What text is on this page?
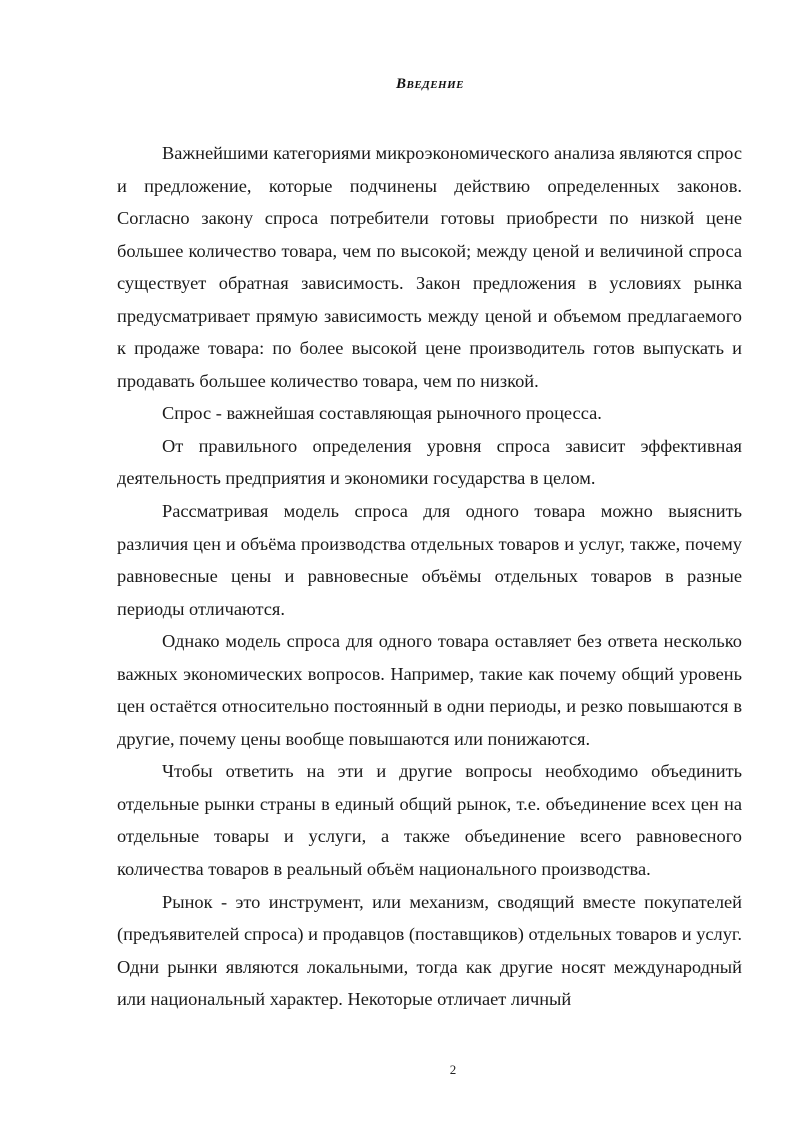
Введение

Важнейшими категориями микроэкономического анализа являются спрос и предложение, которые подчинены действию определенных законов. Согласно закону спроса потребители готовы приобрести по низкой цене большее количество товара, чем по высокой; между ценой и величиной спроса существует обратная зависимость. Закон предложения в условиях рынка предусматривает прямую зависимость между ценой и объемом предлагаемого к продаже товара: по более высокой цене производитель готов выпускать и продавать большее количество товара, чем по низкой.

Спрос - важнейшая составляющая рыночного процесса.

От правильного определения уровня спроса зависит эффективная деятельность предприятия и экономики государства в целом.

Рассматривая модель спроса для одного товара можно выяснить различия цен и объёма производства отдельных товаров и услуг, также, почему равновесные цены и равновесные объёмы отдельных товаров в разные периоды отличаются.

Однако модель спроса для одного товара оставляет без ответа несколько важных экономических вопросов. Например, такие как почему общий уровень цен остаётся относительно постоянный в одни периоды, и резко повышаются в другие, почему цены вообще повышаются или понижаются.

Чтобы ответить на эти и другие вопросы необходимо объединить отдельные рынки страны в единый общий рынок, т.е. объединение всех цен на отдельные товары и услуги, а также объединение всего равновесного количества товаров в реальный объём национального производства.

Рынок - это инструмент, или механизм, сводящий вместе покупателей (предъявителей спроса) и продавцов (поставщиков) отдельных товаров и услуг. Одни рынки являются локальными, тогда как другие носят международный или национальный характер. Некоторые отличает личный

2
